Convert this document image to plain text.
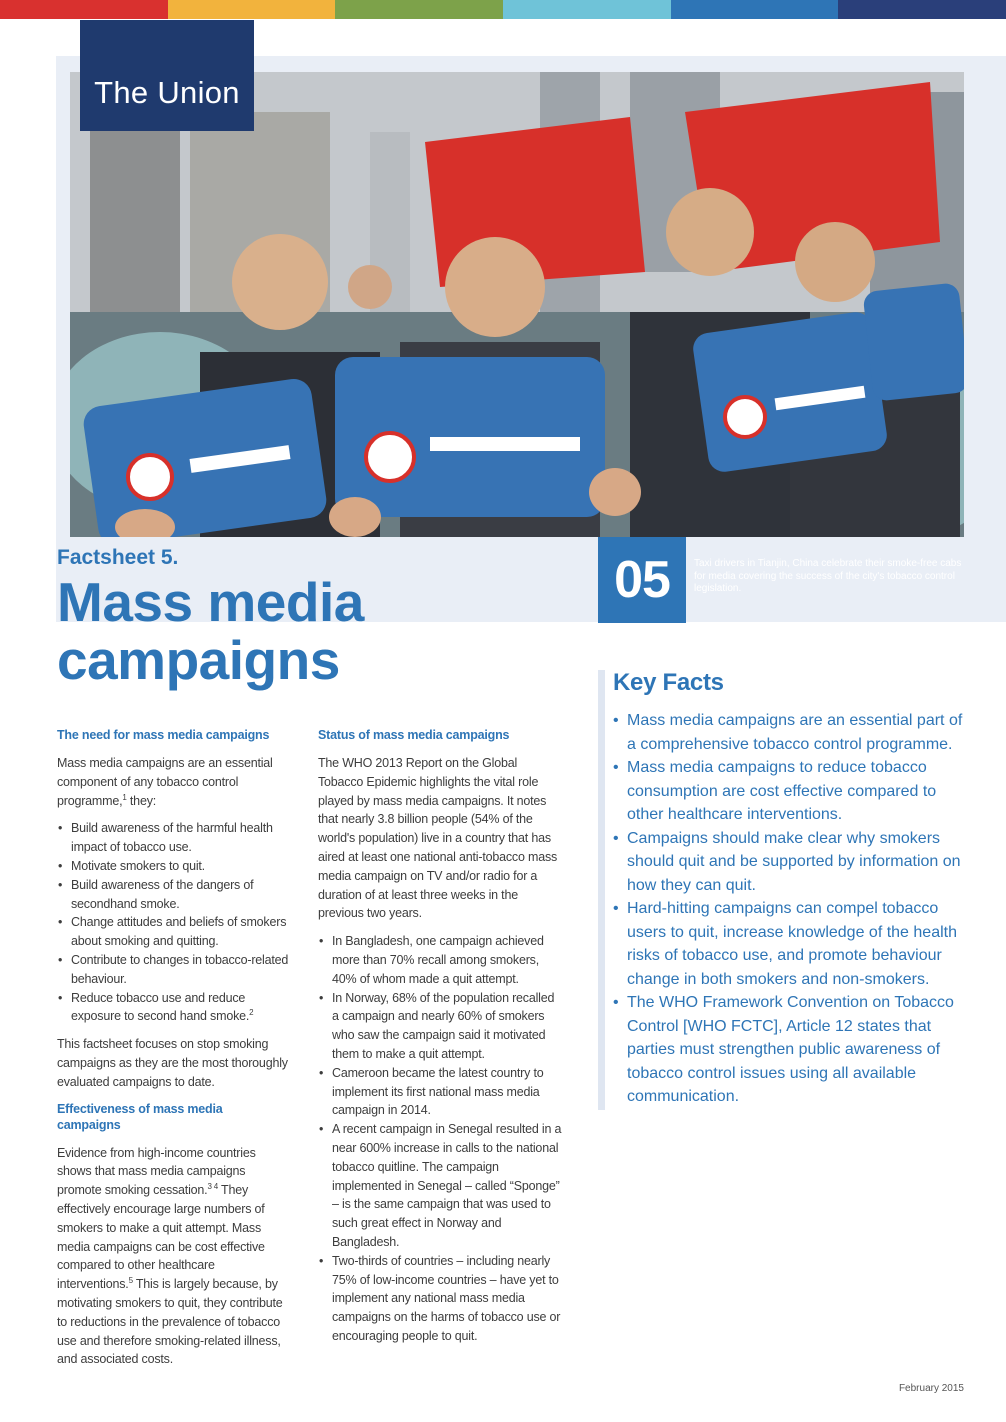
The Union
05 Taxi drivers in Tianjin, China celebrate their smoke-free cabs for media covering the success of the city's tobacco control legislation.
Factsheet 5.
Mass media campaigns
The need for mass media campaigns

Mass media campaigns are an essential component of any tobacco control programme,$^1$ they:

• Build awareness of the harmful health impact of tobacco use.
• Motivate smokers to quit.
• Build awareness of the dangers of secondhand smoke.
• Change attitudes and beliefs of smokers about smoking and quitting.
• Contribute to changes in tobacco-related behaviour.
• Reduce tobacco use and reduce exposure to second hand smoke.$^2$

This factsheet focuses on stop smoking campaigns as they are the most thoroughly evaluated campaigns to date.

Effectiveness of mass media campaigns

Evidence from high-income countries shows that mass media campaigns promote smoking cessation.$^{3 4}$ They effectively encourage large numbers of smokers to make a quit attempt. Mass media campaigns can be cost effective compared to other healthcare interventions.$^5$ This is largely because, by motivating smokers to quit, they contribute to reductions in the prevalence of tobacco use and therefore smoking-related illness, and associated costs.

Status of mass media campaigns

The WHO 2013 Report on the Global Tobacco Epidemic highlights the vital role played by mass media campaigns. It notes that nearly 3.8 billion people (54% of the world's population) live in a country that has aired at least one national anti-tobacco mass media campaign on TV and/or radio for a duration of at least three weeks in the previous two years.

• In Bangladesh, one campaign achieved more than 70% recall among smokers, 40% of whom made a quit attempt.
• In Norway, 68% of the population recalled a campaign and nearly 60% of smokers who saw the campaign said it motivated them to make a quit attempt.
• Cameroon became the latest country to implement its first national mass media campaign in 2014.
• A recent campaign in Senegal resulted in a near 600% increase in calls to the national tobacco quitline. The campaign implemented in Senegal – called “Sponge” – is the same campaign that was used to such great effect in Norway and Bangladesh.
• Two-thirds of countries – including nearly 75% of low-income countries – have yet to implement any national mass media campaigns on the harms of tobacco use or encouraging people to quit.
Key Facts
• Mass media campaigns are an essential part of a comprehensive tobacco control programme.
• Mass media campaigns to reduce tobacco consumption are cost effective compared to other healthcare interventions.
• Campaigns should make clear why smokers should quit and be supported by information on how they can quit.
• Hard-hitting campaigns can compel tobacco users to quit, increase knowledge of the health risks of tobacco use, and promote behaviour change in both smokers and non-smokers.
• The WHO Framework Convention on Tobacco Control [WHO FCTC], Article 12 states that parties must strengthen public awareness of tobacco control issues using all available communication.
February 2015
